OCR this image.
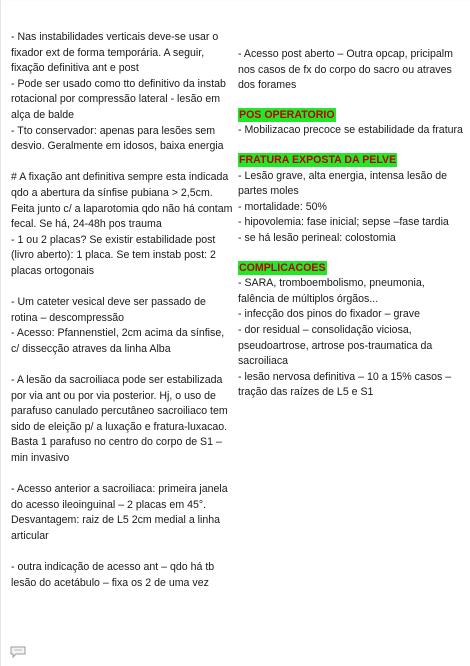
- Nas instabilidades verticais deve-se usar o fixador ext de forma temporária. A seguir, fixação definitiva ant e post

- Pode ser usado como tto definitivo da instab rotacional por compressão lateral - lesão em alça de balde

- Tto conservador: apenas para lesões sem desvio. Geralmente em idosos, baixa energia

# A fixação ant definitiva sempre esta indicada qdo a abertura da sínfise pubiana > 2,5cm. Feita junto c/ a laparotomia qdo não há contam fecal. Se há, 24-48h pos trauma

- 1 ou 2 placas? Se existir estabilidade post (livro aberto): 1 placa. Se tem instab post: 2 placas ortogonais

- Um cateter vesical deve ser passado de rotina – descompressão

- Acesso: Pfannenstiel, 2cm acima da sínfise, c/ dissecção atraves da linha Alba

- A lesão da sacroiliaca pode ser estabilizada por via ant ou por via posterior. Hj, o uso de parafuso canulado percutâneo sacroiliaco tem sido de eleição p/ a luxação e fratura-luxacao. Basta 1 parafuso no centro do corpo de S1 –min invasivo

- Acesso anterior a sacroiliaca: primeira janela do acesso ileoinguinal – 2 placas em 45°. Desvantagem: raiz de L5 2cm medial a linha articular

- outra indicação de acesso ant – qdo há tb lesão do acetábulo – fixa os 2 de uma vez

- Acesso post aberto – Outra opcap, pricipalm nos casos de fx do corpo do sacro ou atraves dos forames

POS OPERATORIO

- Mobilizacao precoce se estabilidade da fratura

FRATURA EXPOSTA DA PELVE

- Lesão grave, alta energia, intensa lesão de partes moles

- mortalidade: 50%

- hipovolemia: fase inicial; sepse –fase tardia

- se há lesão perineal: colostomia

COMPLICACOES

- SARA, tromboembolismo, pneumonia, falência de múltiplos órgãos...

- infecção dos pinos do fixador – grave

- dor residual – consolidação viciosa, pseudoartrose, artrose pos-traumatica da sacroiliaca

- lesão nervosa definitiva – 10 a 15% casos – tração das raízes de L5 e S1
